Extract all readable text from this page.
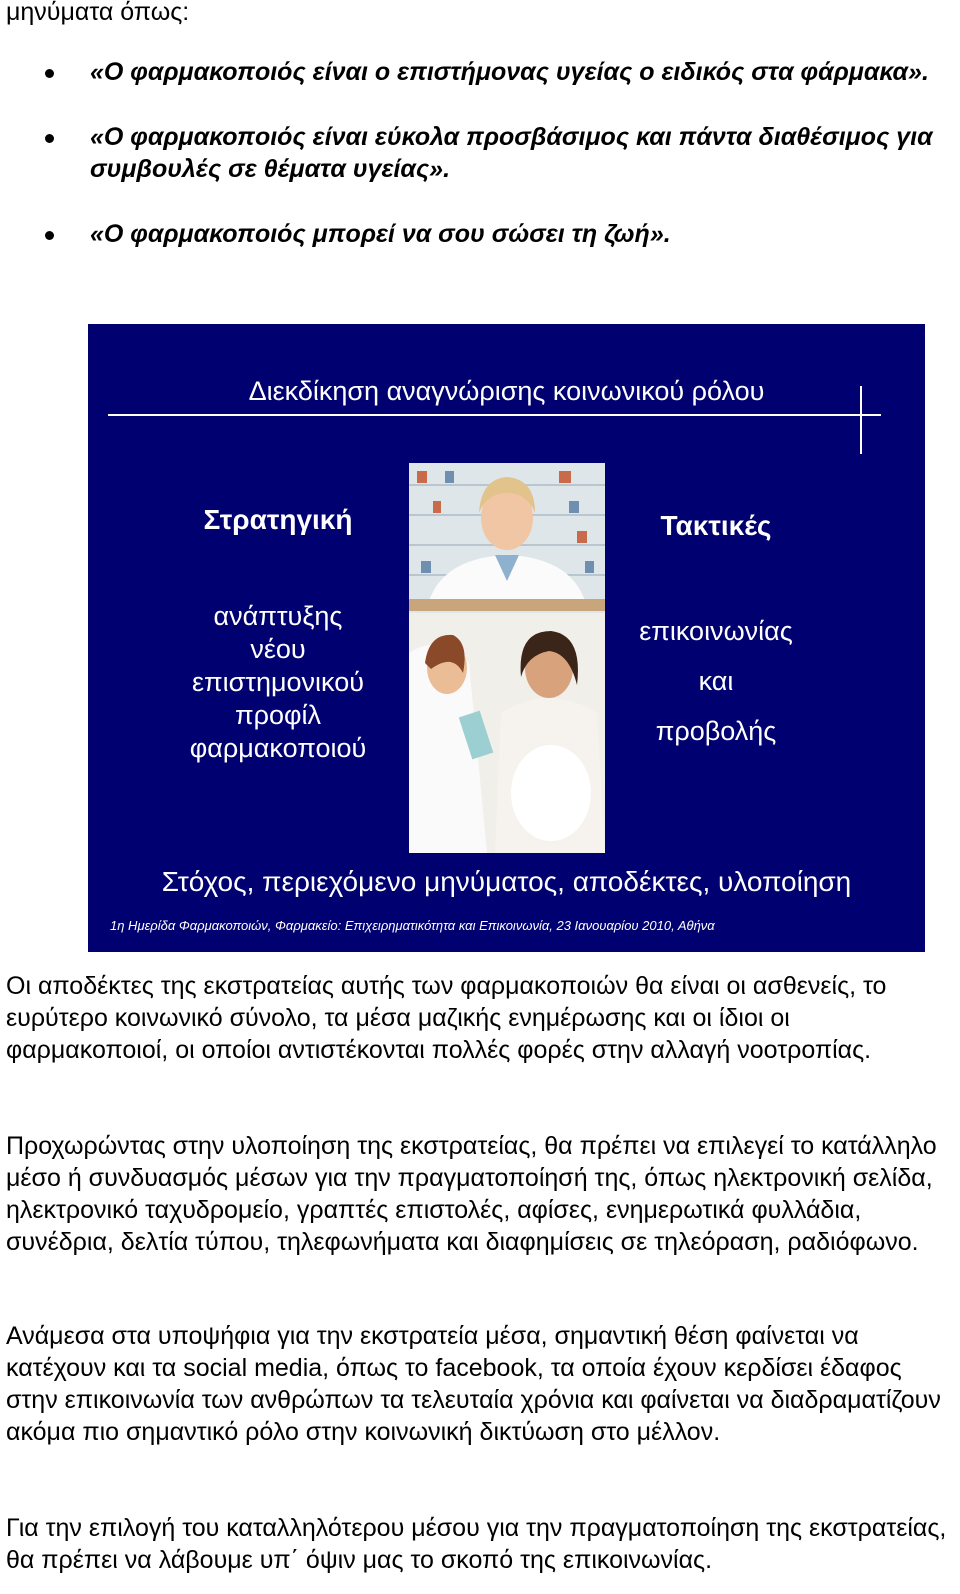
μηνύματα όπως:
«Ο φαρμακοποιός είναι ο επιστήμονας υγείας ο ειδικός στα φάρμακα».
«Ο φαρμακοποιός είναι εύκολα προσβάσιμος και πάντα διαθέσιμος για συμβουλές σε θέματα υγείας».
«Ο φαρμακοποιός μπορεί να σου σώσει τη ζωή».
Διεκδίκηση αναγνώρισης κοινωνικού ρόλου
Στρατηγική
ανάπτυξης
νέου
επιστημονικού
προφίλ
φαρμακοποιού
Τακτικές
επικοινωνίας
και
προβολής
Στόχος, περιεχόμενο μηνύματος, αποδέκτες, υλοποίηση
1η Ημερίδα Φαρμακοποιών, Φαρμακείο: Επιχειρηματικότητα και Επικοινωνία, 23 Ιανουαρίου 2010, Αθήνα

Οι αποδέκτες της εκστρατείας αυτής των φαρμακοποιών θα είναι οι ασθενείς, το ευρύτερο κοινωνικό σύνολο, τα μέσα μαζικής ενημέρωσης και οι ίδιοι οι φαρμακοποιοί, οι οποίοι αντιστέκονται πολλές φορές στην αλλαγή νοοτροπίας.

Προχωρώντας στην υλοποίηση της εκστρατείας, θα πρέπει να επιλεγεί το κατάλληλο μέσο ή συνδυασμός μέσων για την πραγματοποίησή της, όπως ηλεκτρονική σελίδα, ηλεκτρονικό ταχυδρομείο, γραπτές επιστολές, αφίσες, ενημερωτικά φυλλάδια, συνέδρια, δελτία τύπου, τηλεφωνήματα και διαφημίσεις σε τηλεόραση, ραδιόφωνο.

Ανάμεσα στα υποψήφια για την εκστρατεία μέσα, σημαντική θέση φαίνεται να κατέχουν και τα social media, όπως το facebook, τα οποία έχουν κερδίσει έδαφος στην επικοινωνία των ανθρώπων τα τελευταία χρόνια και φαίνεται να διαδραματίζουν ακόμα πιο σημαντικό ρόλο στην κοινωνική δικτύωση στο μέλλον.

Για την επιλογή του καταλληλότερου μέσου για την πραγματοποίηση της εκστρατείας, θα πρέπει να λάβουμε υπ΄ όψιν μας το σκοπό της επικοινωνίας.
